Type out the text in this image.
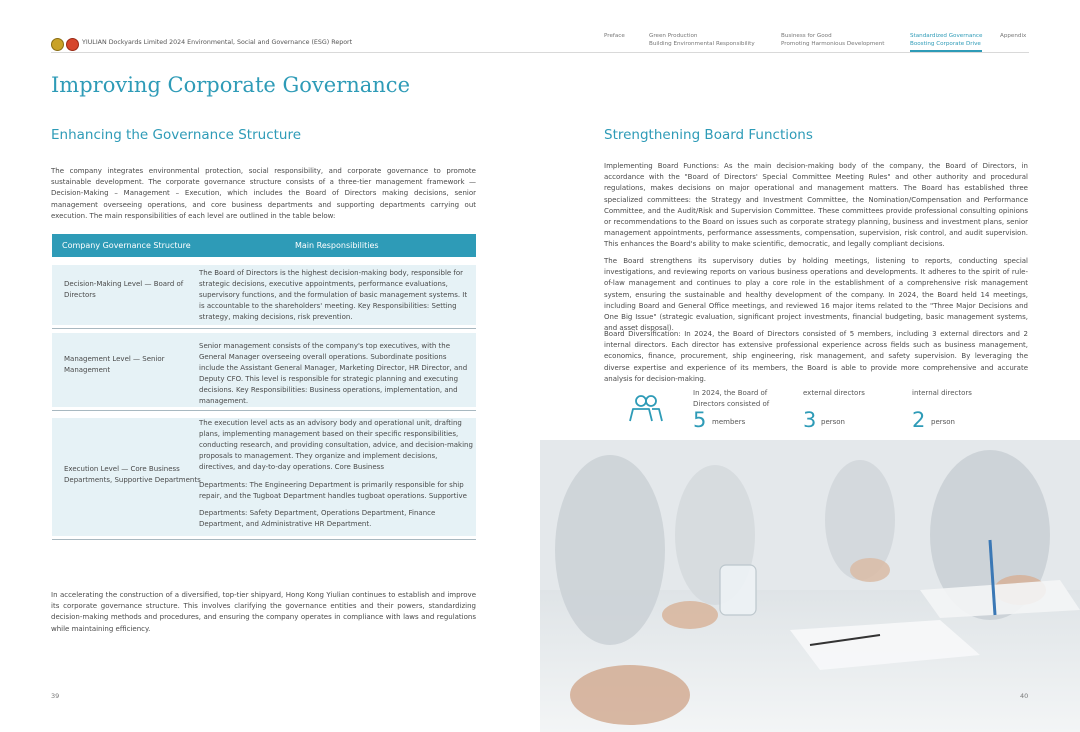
YIULIAN Dockyards Limited 2024 Environmental, Social and Governance (ESG) Report
Preface	Green Production
Building Environmental Responsibility
Business for Good
Promoting Harmonious Development
Standardized Governance
Boosting Corporate Drive
Appendix
Improving Corporate Governance
Enhancing the Governance Structure
The company integrates environmental protection, social responsibility, and corporate governance to promote sustainable development. The corporate governance structure consists of a three-tier management framework — Decision-Making – Management – Execution, which includes the Board of Directors making decisions, senior management overseeing operations, and core business departments and supporting departments carrying out execution. The main responsibilities of each level are outlined in the table below:
Company Governance Structure	Main Responsibilities
Decision-Making Level — Board of Directors
The Board of Directors is the highest decision-making body, responsible for strategic decisions, executive appointments, performance evaluations, supervisory functions, and the formulation of basic management systems. It is accountable to the shareholders' meeting. Key Responsibilities: Setting strategy, making decisions, risk prevention.
Management Level — Senior Management
Senior management consists of the company's top executives, with the General Manager overseeing overall operations. Subordinate positions include the Assistant General Manager, Marketing Director, HR Director, and Deputy CFO. This level is responsible for strategic planning and executing decisions. Key Responsibilities: Business operations, implementation, and management.
Execution Level — Core Business Departments, Supportive Departments
The execution level acts as an advisory body and operational unit, drafting plans, implementing management based on their specific responsibilities, conducting research, and providing consultation, advice, and decision-making proposals to management. They organize and implement decisions, directives, and day-to-day operations. Core Business
Departments: The Engineering Department is primarily responsible for ship repair, and the Tugboat Department handles tugboat operations. Supportive
Departments: Safety Department, Operations Department, Finance Department, and Administrative HR Department.
In accelerating the construction of a diversified, top-tier shipyard, Hong Kong Yiulian continues to establish and improve its corporate governance structure. This involves clarifying the governance entities and their powers, standardizing decision-making methods and procedures, and ensuring the company operates in compliance with laws and regulations while maintaining efficiency.
39
Strengthening Board Functions
Implementing Board Functions: As the main decision-making body of the company, the Board of Directors, in accordance with the "Board of Directors' Special Committee Meeting Rules" and other authority and procedural regulations, makes decisions on major operational and management matters. The Board has established three specialized committees: the Strategy and Investment Committee, the Nomination/Compensation and Performance Committee, and the Audit/Risk and Supervision Committee. These committees provide professional consulting opinions or recommendations to the Board on issues such as corporate strategy planning, business and investment plans, senior management appointments, performance assessments, compensation, supervision, risk control, and audit supervision. This enhances the Board's ability to make scientific, democratic, and legally compliant decisions.
The Board strengthens its supervisory duties by holding meetings, listening to reports, conducting special investigations, and reviewing reports on various business operations and developments. It adheres to the spirit of rule-of-law management and continues to play a core role in the establishment of a comprehensive risk management system, ensuring the sustainable and healthy development of the company. In 2024, the Board held 14 meetings, including Board and General Office meetings, and reviewed 16 major items related to the "Three Major Decisions and One Big Issue" (strategic evaluation, significant project investments, financial budgeting, basic management systems, and asset disposal).
Board Diversification: In 2024, the Board of Directors consisted of 5 members, including 3 external directors and 2 internal directors. Each director has extensive professional experience across fields such as business management, economics, finance, procurement, ship engineering, risk management, and safety supervision. By leveraging the diverse expertise and experience of its members, the Board is able to provide more comprehensive and accurate analysis for decision-making.
In 2024, the Board of
Directors consisted of
5 members
external directors
3 person
internal directors
2 person
40
